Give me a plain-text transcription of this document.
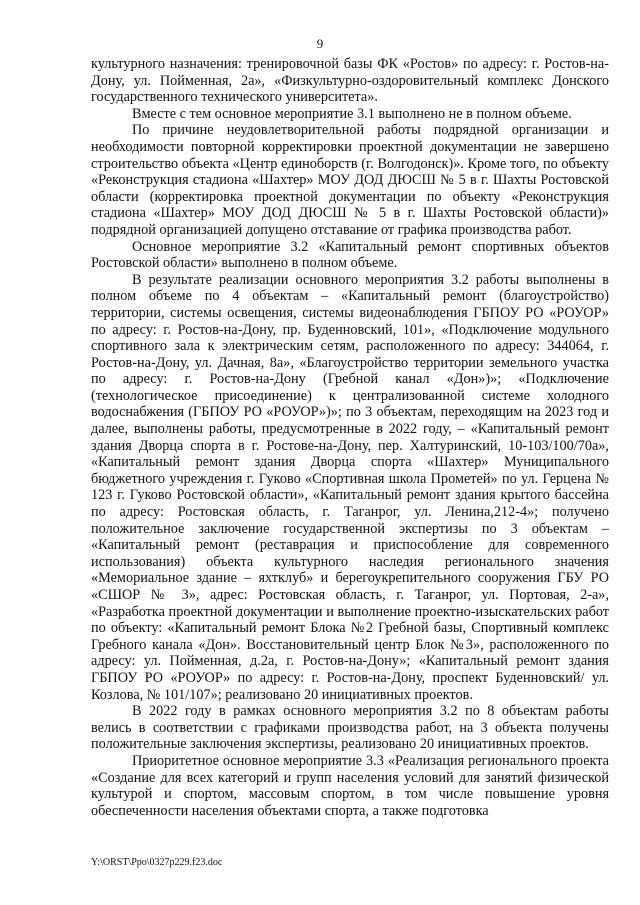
9

культурного назначения: тренировочной базы ФК «Ростов» по адресу: г. Ростов-на-Дону, ул. Пойменная, 2а», «Физкультурно-оздоровительный комплекс Донского государственного технического университета».

Вместе с тем основное мероприятие 3.1 выполнено не в полном объеме.

По причине неудовлетворительной работы подрядной организации и необходимости повторной корректировки проектной документации не завершено строительство объекта «Центр единоборств (г. Волгодонск)». Кроме того, по объекту «Реконструкция стадиона «Шахтер» МОУ ДОД ДЮСШ № 5 в г. Шахты Ростовской области (корректировка проектной документации по объекту «Реконструкция стадиона «Шахтер» МОУ ДОД ДЮСШ № 5 в г. Шахты Ростовской области)» подрядной организацией допущено отставание от графика производства работ.

Основное мероприятие 3.2 «Капитальный ремонт спортивных объектов Ростовской области» выполнено в полном объеме.

В результате реализации основного мероприятия 3.2 работы выполнены в полном объеме по 4 объектам – «Капитальный ремонт (благоустройство) территории, системы освещения, системы видеонаблюдения ГБПОУ РО «РОУОР» по адресу: г. Ростов-на-Дону, пр. Буденновский, 101», «Подключение модульного спортивного зала к электрическим сетям, расположенного по адресу: 344064, г. Ростов-на-Дону, ул. Дачная, 8а», «Благоустройство территории земельного участка по адресу: г. Ростов-на-Дону (Гребной канал «Дон»)»; «Подключение (технологическое присоединение) к централизованной системе холодного водоснабжения (ГБПОУ РО «РОУОР»)»; по 3 объектам, переходящим на 2023 год и далее, выполнены работы, предусмотренные в 2022 году, – «Капитальный ремонт здания Дворца спорта в г. Ростове-на-Дону, пер. Халтуринский, 10-103/100/70а», «Капитальный ремонт здания Дворца спорта «Шахтер» Муниципального бюджетного учреждения г. Гуково «Спортивная школа Прометей» по ул. Герцена № 123 г. Гуково Ростовской области», «Капитальный ремонт здания крытого бассейна по адресу: Ростовская область, г. Таганрог, ул. Ленина,212-4»; получено положительное заключение государственной экспертизы по 3 объектам – «Капитальный ремонт (реставрация и приспособление для современного использования) объекта культурного наследия регионального значения «Мемориальное здание – яхтклуб» и берегоукрепительного сооружения ГБУ РО «СШОР № 3», адрес: Ростовская область, г. Таганрог, ул. Портовая, 2-а», «Разработка проектной документации и выполнение проектно-изыскательских работ по объекту: «Капитальный ремонт Блока №2 Гребной базы, Спортивный комплекс Гребного канала «Дон». Восстановительный центр Блок №3», расположенного по адресу: ул. Пойменная, д.2а, г. Ростов-на-Дону»; «Капитальный ремонт здания ГБПОУ РО «РОУОР» по адресу: г. Ростов-на-Дону, проспект Буденновский/ ул. Козлова, № 101/107»; реализовано 20 инициативных проектов.

В 2022 году в рамках основного мероприятия 3.2 по 8 объектам работы велись в соответствии с графиками производства работ, на 3 объекта получены положительные заключения экспертизы, реализовано 20 инициативных проектов.

Приоритетное основное мероприятие 3.3 «Реализация регионального проекта «Создание для всех категорий и групп населения условий для занятий физической культурой и спортом, массовым спортом, в том числе повышение уровня обеспеченности населения объектами спорта, а также подготовка

Y:\ORST\Ppo\0327p229.f23.doc
